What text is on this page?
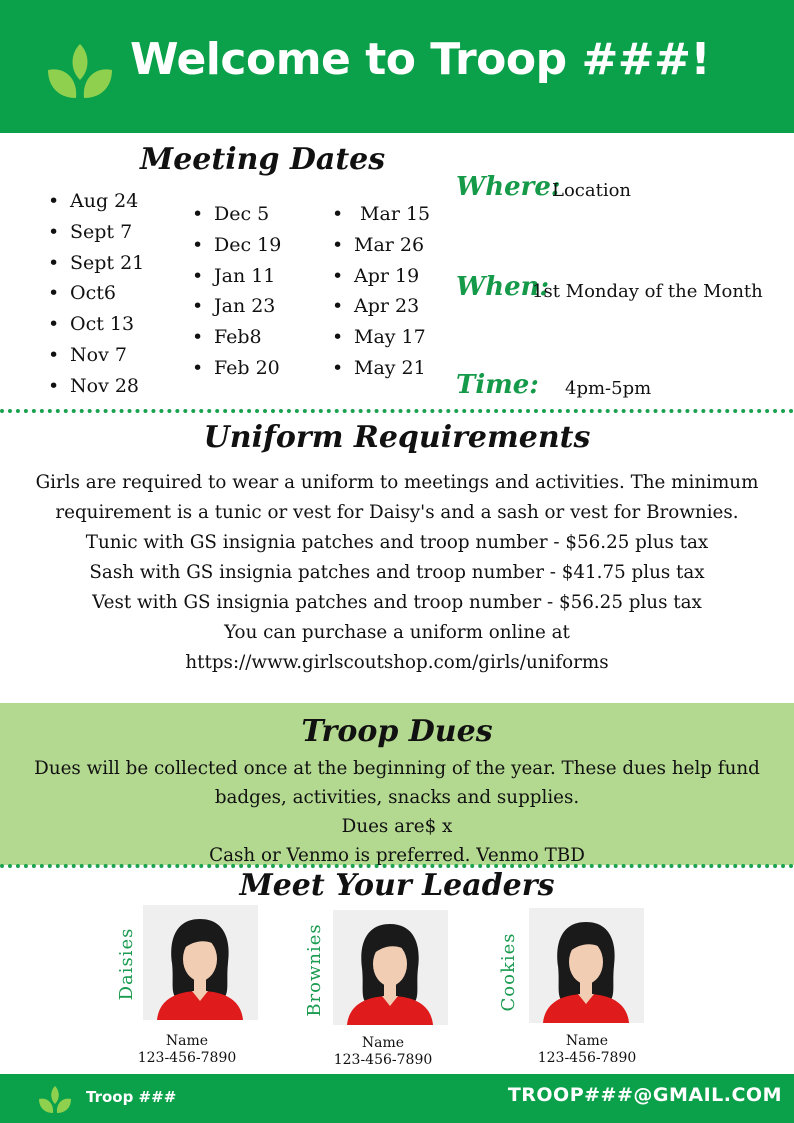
Welcome to Troop ###!
Meeting Dates
• Aug 24
• Sept 7
• Sept 21
• Oct6
• Oct 13
• Nov 7
• Nov 28
• Dec 5
• Dec 19
• Jan 11
• Jan 23
• Feb8
• Feb 20
• Mar 15
• Mar 26
• Apr 19
• Apr 23
• May 17
• May 21
Where:
Location
When:
1st Monday of the Month
Time: 4pm-5pm
Uniform Requirements

Girls are required to wear a uniform to meetings and activities. The minimum

requirement is a tunic or vest for Daisy's and a sash or vest for Brownies.

Tunic with GS insignia patches and troop number - $56.25 plus tax

Sash with GS insignia patches and troop number - $41.75 plus tax

Vest with GS insignia patches and troop number - $56.25 plus tax

You can purchase a uniform online at

https://www.girlscoutshop.com/girls/uniforms

Troop Dues

Dues will be collected once at the beginning of the year. These dues help fund

badges, activities, snacks and supplies.

Dues are$ x

Cash or Venmo is preferred. Venmo TBD

Meet Your Leaders
Daisies
Name
123-456-7890
Brownies
Name
123-456-7890
Cookies
Name
123-456-7890
Troop ###	TROOP###@GMAIL.COM
